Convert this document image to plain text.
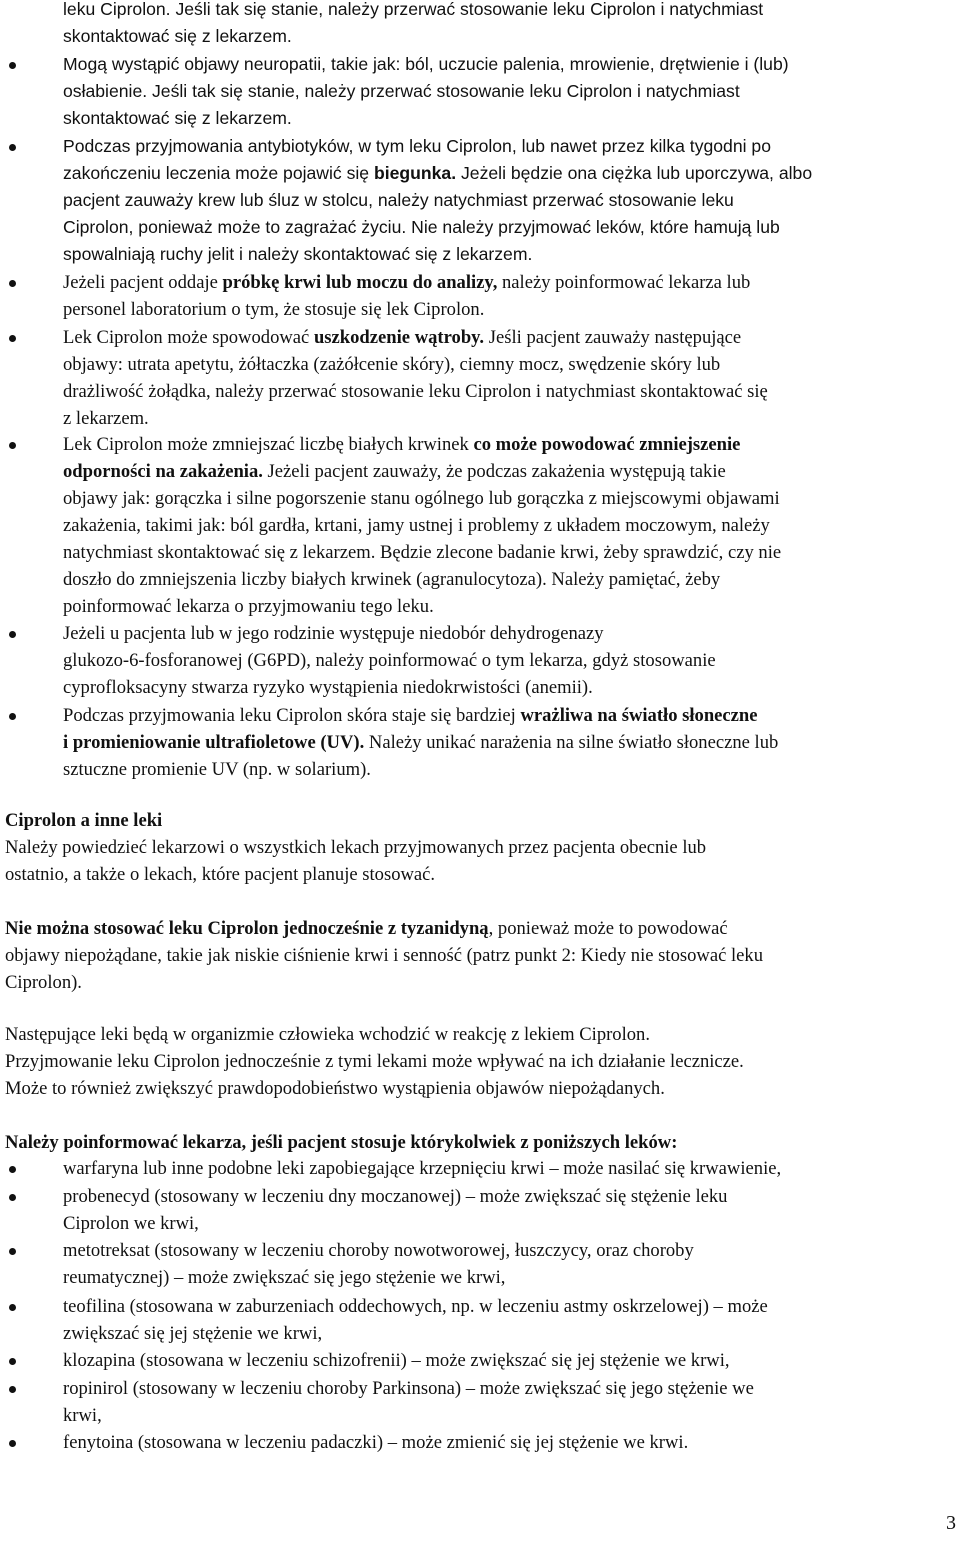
leku Ciprolon. Jeśli tak się stanie, należy przerwać stosowanie leku Ciprolon i natychmiast
skontaktować się z lekarzem.
Mogą wystąpić objawy neuropatii, takie jak: ból, uczucie palenia, mrowienie, drętwienie i (lub)
osłabienie. Jeśli tak się stanie, należy przerwać stosowanie leku Ciprolon i natychmiast
skontaktować się z lekarzem.
Podczas przyjmowania antybiotyków, w tym leku Ciprolon, lub nawet przez kilka tygodni po
zakończeniu leczenia może pojawić się biegunka. Jeżeli będzie ona ciężka lub uporczywa, albo
pacjent zauważy krew lub śluz w stolcu, należy natychmiast przerwać stosowanie leku
Ciprolon, ponieważ może to zagrażać życiu. Nie należy przyjmować leków, które hamują lub
spowalniają ruchy jelit i należy skontaktować się z lekarzem.
Jeżeli pacjent oddaje próbkę krwi lub moczu do analizy, należy poinformować lekarza lub
personel laboratorium o tym, że stosuje się lek Ciprolon.
Lek Ciprolon może spowodować uszkodzenie wątroby. Jeśli pacjent zauważy następujące
objawy: utrata apetytu, żółtaczka (zażółcenie skóry), ciemny mocz, swędzenie skóry lub
drażliwość żołądka, należy przerwać stosowanie leku Ciprolon i natychmiast skontaktować się
z lekarzem.
Lek Ciprolon może zmniejszać liczbę białych krwinek co może powodować zmniejszenie
odporności na zakażenia. Jeżeli pacjent zauważy, że podczas zakażenia występują takie
objawy jak: gorączka i silne pogorszenie stanu ogólnego lub gorączka z miejscowymi objawami
zakażenia, takimi jak: ból gardła, krtani, jamy ustnej i problemy z układem moczowym, należy
natychmiast skontaktować się z lekarzem. Będzie zlecone badanie krwi, żeby sprawdzić, czy nie
doszło do zmniejszenia liczby białych krwinek (agranulocytoza). Należy pamiętać, żeby
poinformować lekarza o przyjmowaniu tego leku.
Jeżeli u pacjenta lub w jego rodzinie występuje niedobór dehydrogenazy
glukozo-6-fosforanowej (G6PD), należy poinformować o tym lekarza, gdyż stosowanie
cyprofloksacyny stwarza ryzyko wystąpienia niedokrwistości (anemii).
Podczas przyjmowania leku Ciprolon skóra staje się bardziej wrażliwa na światło słoneczne
i promieniowanie ultrafioletowe (UV). Należy unikać narażenia na silne światło słoneczne lub
sztuczne promienie UV (np. w solarium).
Ciprolon a inne leki
Należy powiedzieć lekarzowi o wszystkich lekach przyjmowanych przez pacjenta obecnie lub
ostatnio, a także o lekach, które pacjent planuje stosować.
Nie można stosować leku Ciprolon jednocześnie z tyzanidyną, ponieważ może to powodować
objawy niepożądane, takie jak niskie ciśnienie krwi i senność (patrz punkt 2: Kiedy nie stosować leku
Ciprolon).
Następujące leki będą w organizmie człowieka wchodzić w reakcję z lekiem Ciprolon.
Przyjmowanie leku Ciprolon jednocześnie z tymi lekami może wpływać na ich działanie lecznicze.
Może to również zwiększyć prawdopodobieństwo wystąpienia objawów niepożądanych.
Należy poinformować lekarza, jeśli pacjent stosuje którykolwiek z poniższych leków:
warfaryna lub inne podobne leki zapobiegające krzepnięciu krwi – może nasilać się krwawienie,
probenecyd (stosowany w leczeniu dny moczanowej) – może zwiększać się stężenie leku
Ciprolon we krwi,
metotreksat (stosowany w leczeniu choroby nowotworowej, łuszczycy, oraz choroby
reumatycznej) – może zwiększać się jego stężenie we krwi,
teofilina (stosowana w zaburzeniach oddechowych, np. w leczeniu astmy oskrzelowej) – może
zwiększać się jej stężenie we krwi,
klozapina (stosowana w leczeniu schizofrenii) – może zwiększać się jej stężenie we krwi,
ropinirol (stosowany w leczeniu choroby Parkinsona) – może zwiększać się jego stężenie we
krwi,
fenytoina (stosowana w leczeniu padaczki) – może zmienić się jej stężenie we krwi.
3
